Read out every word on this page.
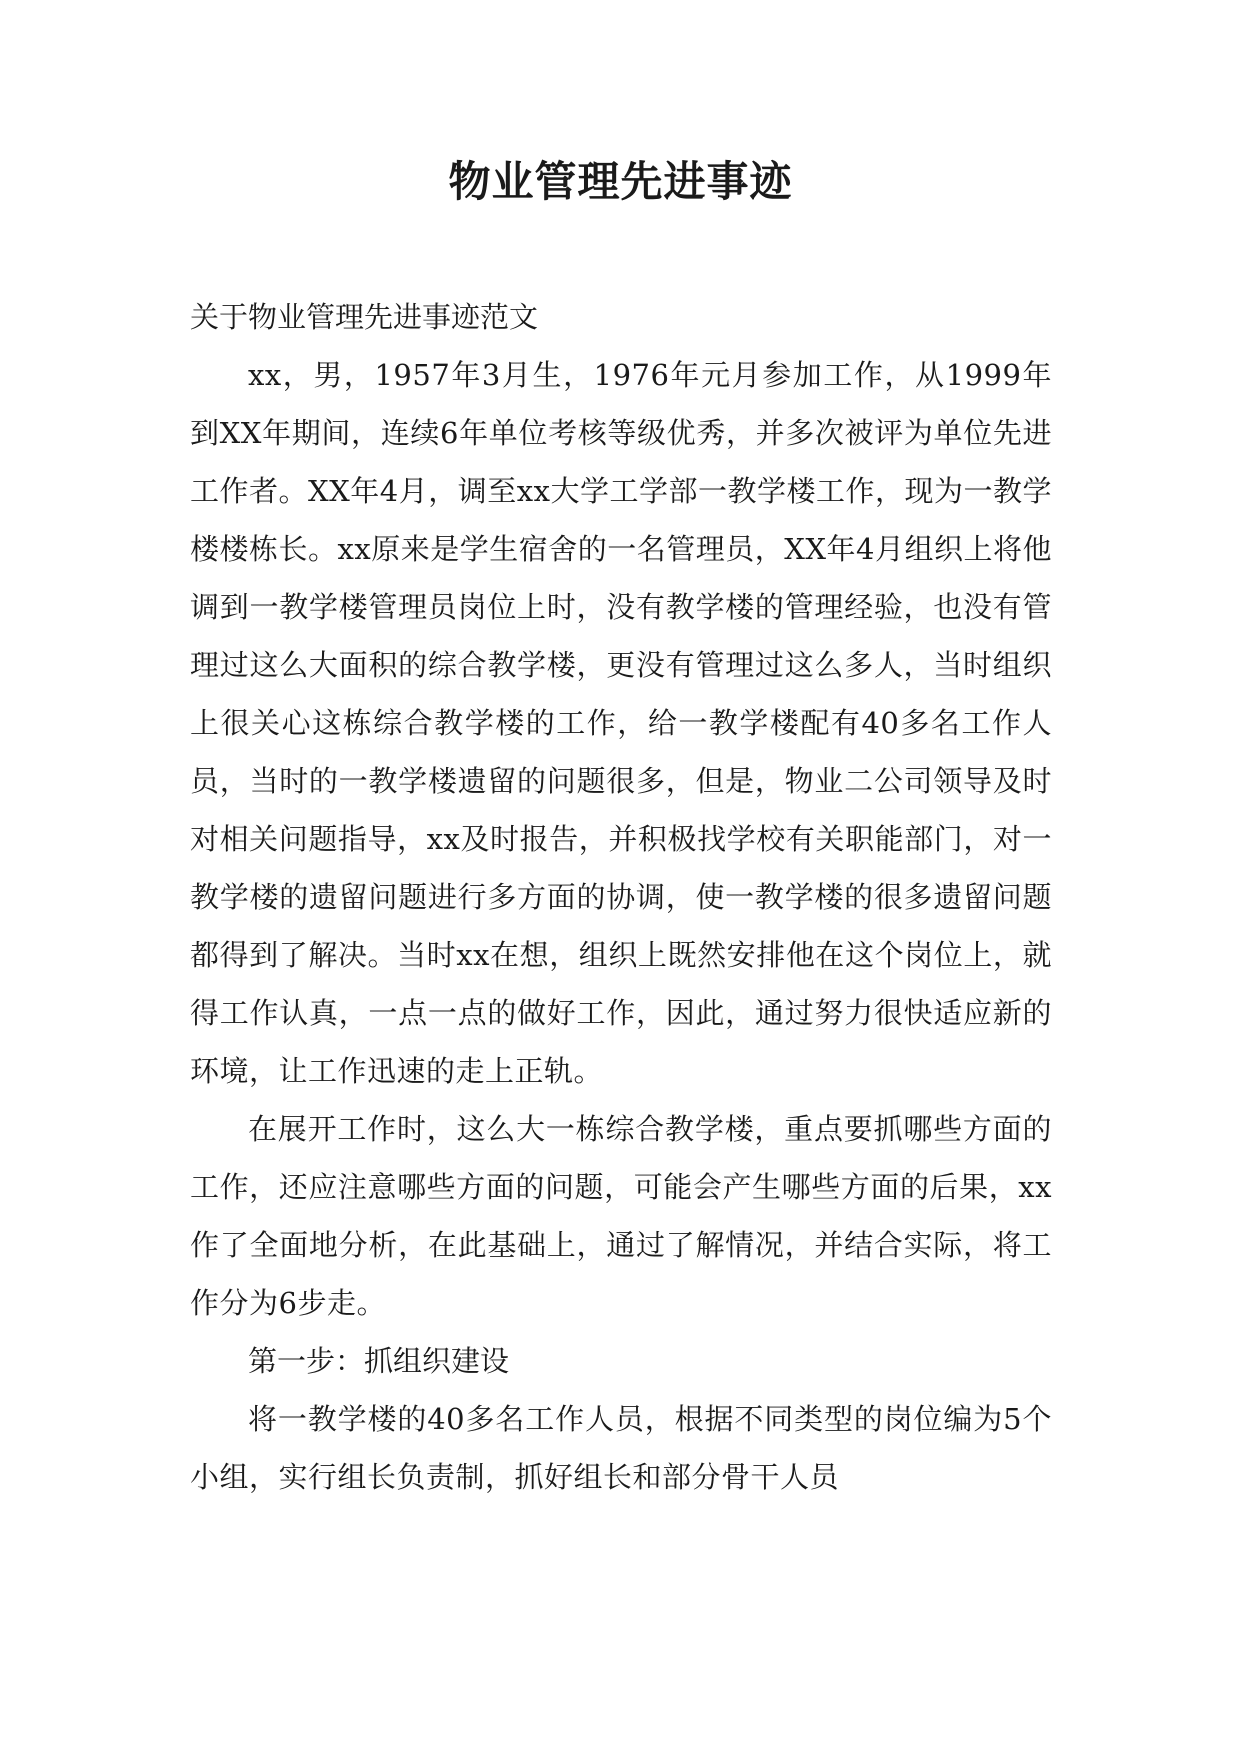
物业管理先进事迹

关于物业管理先进事迹范文

xx，男，1957年3月生，1976年元月参加工作，从1999年到XX年期间，连续6年单位考核等级优秀，并多次被评为单位先进工作者。XX年4月，调至xx大学工学部一教学楼工作，现为一教学楼楼栋长。xx原来是学生宿舍的一名管理员，XX年4月组织上将他调到一教学楼管理员岗位上时，没有教学楼的管理经验，也没有管理过这么大面积的综合教学楼，更没有管理过这么多人，当时组织上很关心这栋综合教学楼的工作，给一教学楼配有40多名工作人员，当时的一教学楼遗留的问题很多，但是，物业二公司领导及时对相关问题指导，xx及时报告，并积极找学校有关职能部门，对一教学楼的遗留问题进行多方面的协调，使一教学楼的很多遗留问题都得到了解决。当时xx在想，组织上既然安排他在这个岗位上，就得工作认真，一点一点的做好工作，因此，通过努力很快适应新的环境，让工作迅速的走上正轨。

在展开工作时，这么大一栋综合教学楼，重点要抓哪些方面的工作，还应注意哪些方面的问题，可能会产生哪些方面的后果，xx作了全面地分析，在此基础上，通过了解情况，并结合实际，将工作分为6步走。

第一步：抓组织建设

将一教学楼的40多名工作人员，根据不同类型的岗位编为5个小组，实行组长负责制，抓好组长和部分骨干人员
